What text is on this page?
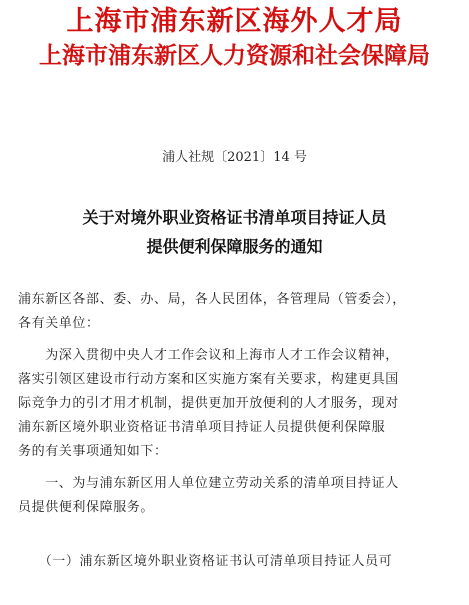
上海市浦东新区海外人才局
上海市浦东新区人力资源和社会保障局
浦人社规〔2021〕14 号
关于对境外职业资格证书清单项目持证人员
提供便利保障服务的通知
浦东新区各部、委、办、局，各人民团体，各管理局（管委会），
各有关单位：
　　为深入贯彻中央人才工作会议和上海市人才工作会议精神，
落实引领区建设市行动方案和区实施方案有关要求，构建更具国
际竞争力的引才用才机制，提供更加开放便利的人才服务，现对
浦东新区境外职业资格证书清单项目持证人员提供便利保障服
务的有关事项通知如下：
　　一、为与浦东新区用人单位建立劳动关系的清单项目持证人
员提供便利保障服务。
　　（一）浦东新区境外职业资格证书认可清单项目持证人员可
